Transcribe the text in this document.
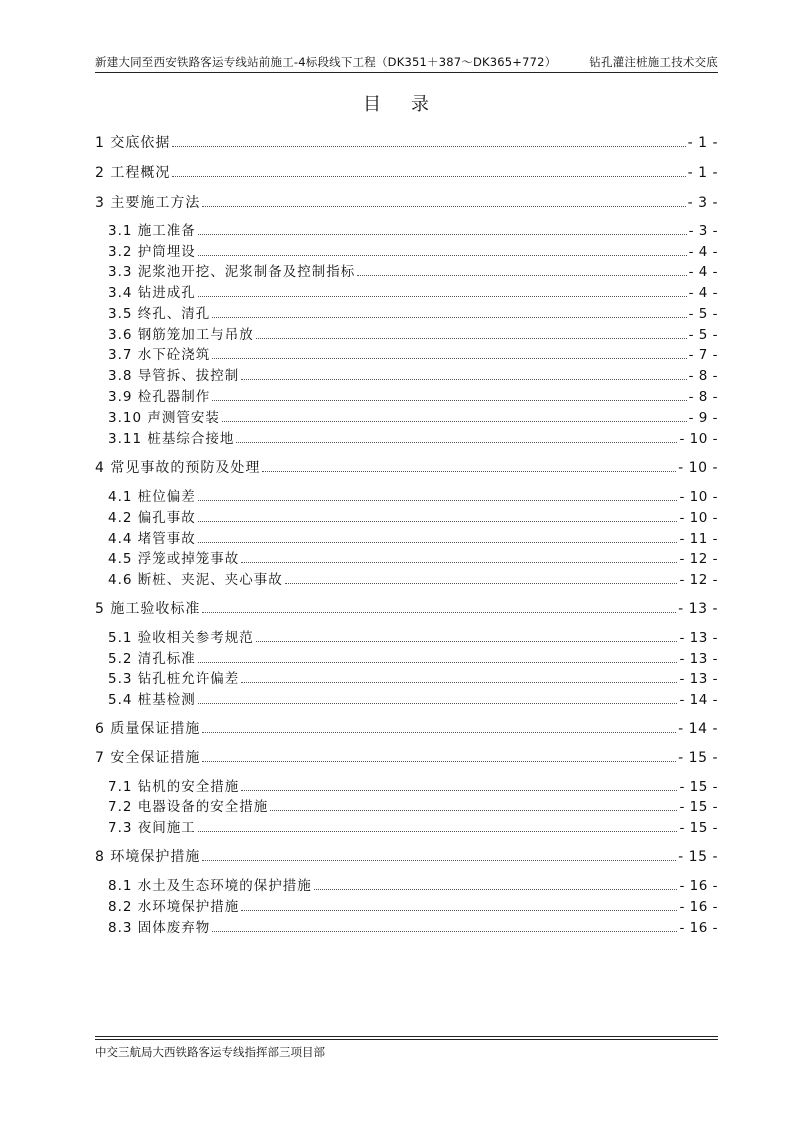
新建大同至西安铁路客运专线站前施工-4标段线下工程（DK351＋387～DK365+772）	钻孔灌注桩施工技术交底
目 录
1 交底依据	- 1 -
2 工程概况	- 1 -
3 主要施工方法	- 3 -
3.1 施工准备	- 3 -
3.2 护筒埋设	- 4 -
3.3 泥浆池开挖、泥浆制备及控制指标	- 4 -
3.4 钻进成孔	- 4 -
3.5 终孔、清孔	- 5 -
3.6 钢筋笼加工与吊放	- 5 -
3.7 水下砼浇筑	- 7 -
3.8 导管拆、拔控制	- 8 -
3.9 检孔器制作	- 8 -
3.10 声测管安装	- 9 -
3.11 桩基综合接地	- 10 -
4 常见事故的预防及处理	- 10 -
4.1 桩位偏差	- 10 -
4.2 偏孔事故	- 10 -
4.4 堵管事故	- 11 -
4.5 浮笼或掉笼事故	- 12 -
4.6 断桩、夹泥、夹心事故	- 12 -
5 施工验收标准	- 13 -
5.1 验收相关参考规范	- 13 -
5.2 清孔标准	- 13 -
5.3 钻孔桩允许偏差	- 13 -
5.4 桩基检测	- 14 -
6 质量保证措施	- 14 -
7 安全保证措施	- 15 -
7.1 钻机的安全措施	- 15 -
7.2 电器设备的安全措施	- 15 -
7.3 夜间施工	- 15 -
8 环境保护措施	- 15 -
8.1 水土及生态环境的保护措施	- 16 -
8.2 水环境保护措施	- 16 -
8.3 固体废弃物	- 16 -
中交三航局大西铁路客运专线指挥部三项目部
